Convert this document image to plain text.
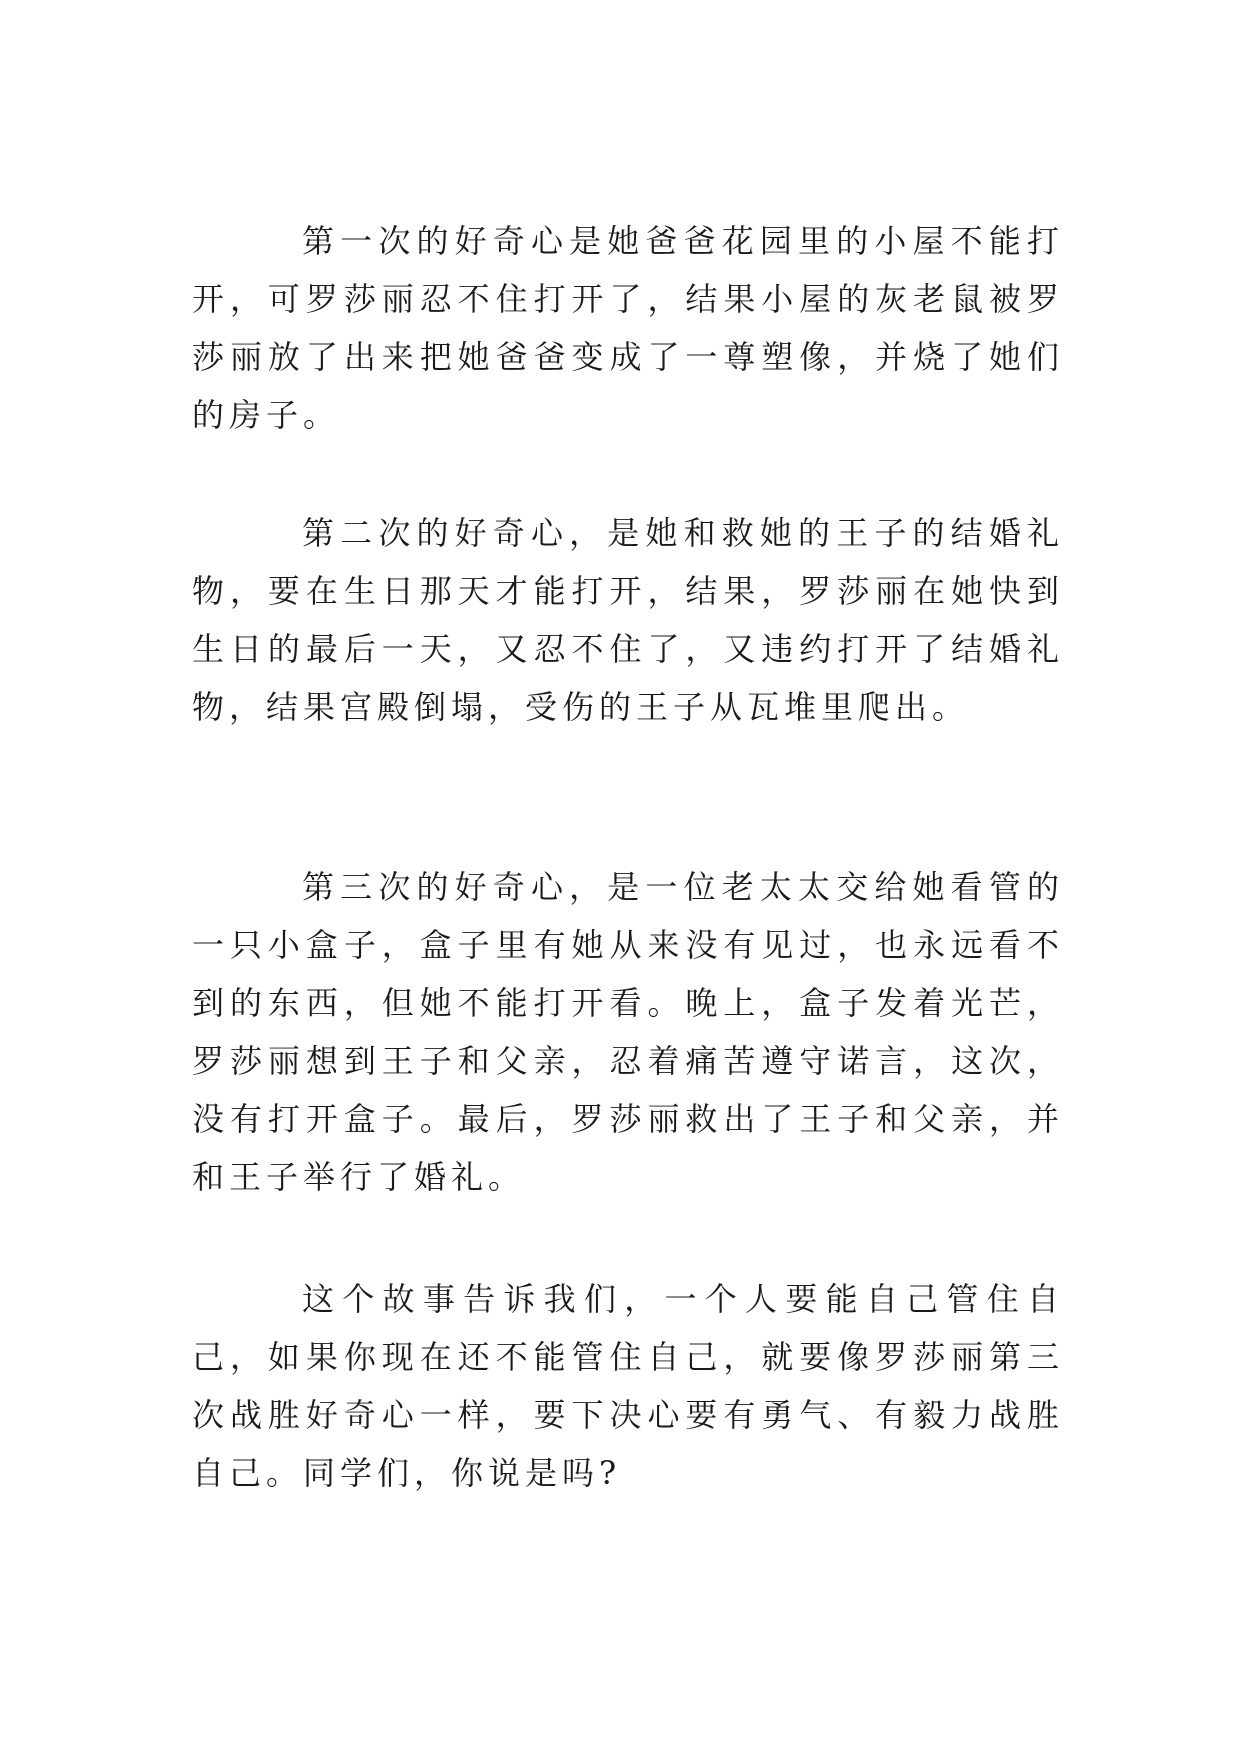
第一次的好奇心是她爸爸花园里的小屋不能打开，可罗莎丽忍不住打开了，结果小屋的灰老鼠被罗莎丽放了出来把她爸爸变成了一尊塑像，并烧了她们的房子。

第二次的好奇心，是她和救她的王子的结婚礼物，要在生日那天才能打开，结果，罗莎丽在她快到生日的最后一天，又忍不住了，又违约打开了结婚礼物，结果宫殿倒塌，受伤的王子从瓦堆里爬出。

第三次的好奇心，是一位老太太交给她看管的一只小盒子，盒子里有她从来没有见过，也永远看不到的东西，但她不能打开看。晚上，盒子发着光芒，罗莎丽想到王子和父亲，忍着痛苦遵守诺言，这次，没有打开盒子。最后，罗莎丽救出了王子和父亲，并和王子举行了婚礼。

这个故事告诉我们，一个人要能自己管住自己，如果你现在还不能管住自己，就要像罗莎丽第三次战胜好奇心一样，要下决心要有勇气、有毅力战胜自己。同学们，你说是吗?
